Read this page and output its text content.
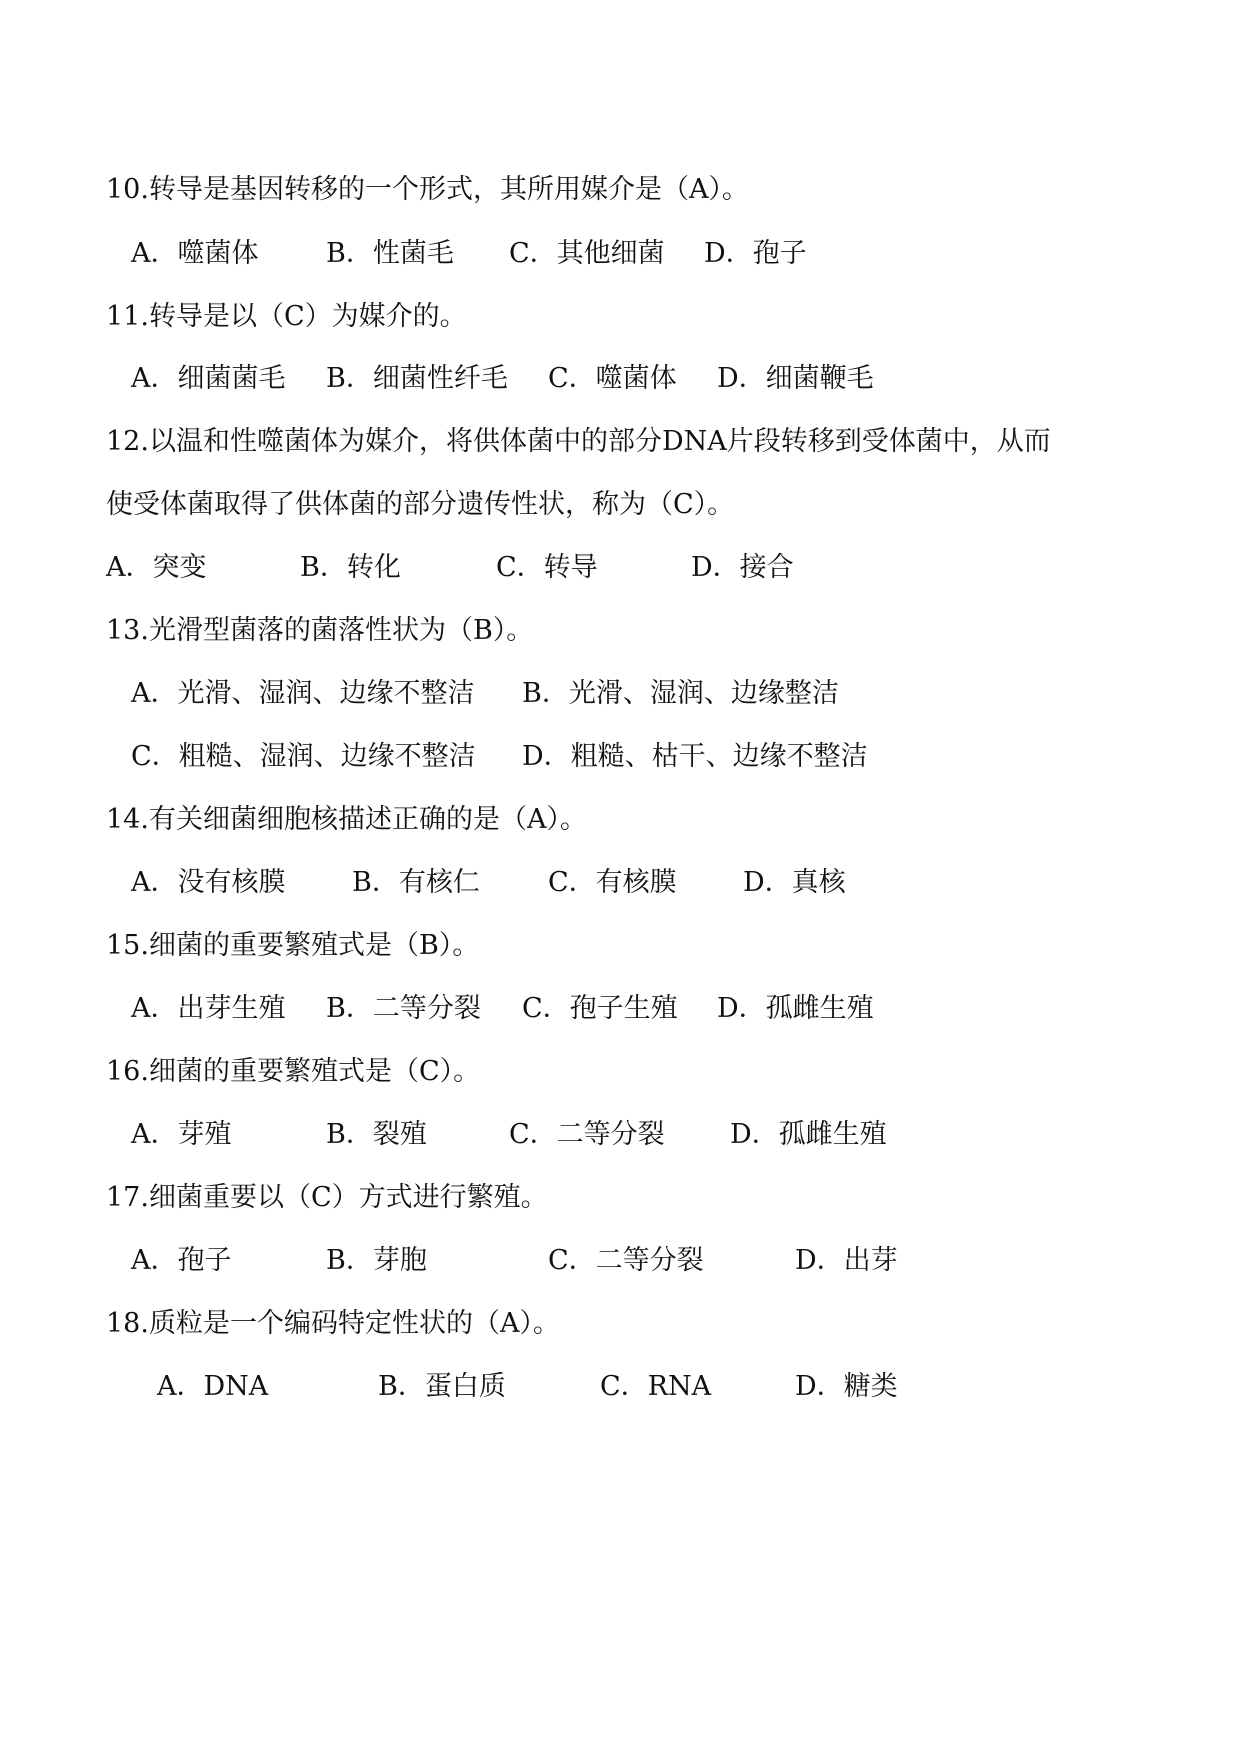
10.转导是基因转移的一个形式，其所用媒介是（A）。
A．噬菌体	B．性菌毛 C．其他细菌 D．孢子
11.转导是以（C）为媒介的。
A．细菌菌毛 B．细菌性纤毛 C．噬菌体 D．细菌鞭毛
12.以温和性噬菌体为媒介，将供体菌中的部分DNA片段转移到受体菌中，从而
使受体菌取得了供体菌的部分遗传性状，称为（C）。
A．突变	B．转化	C．转导	D．接合
13.光滑型菌落的菌落性状为（B）。
A．光滑、湿润、边缘不整洁 B．光滑、湿润、边缘整洁
C．粗糙、湿润、边缘不整洁 D．粗糙、枯干、边缘不整洁
14.有关细菌细胞核描述正确的是（A）。
A．没有核膜 B．有核仁	C．有核膜 D．真核
15.细菌的重要繁殖式是（B）。
A．出芽生殖 B．二等分裂 C．孢子生殖 D．孤雌生殖
16.细菌的重要繁殖式是（C）。
A．芽殖	B．裂殖	C．二等分裂 D．孤雌生殖
17.细菌重要以（C）方式进行繁殖。
A．孢子	B．芽胞	C．二等分裂	D．出芽
18.质粒是一个编码特定性状的（A）。
A．DNA	B．蛋白质	C．RNA	D．糖类
